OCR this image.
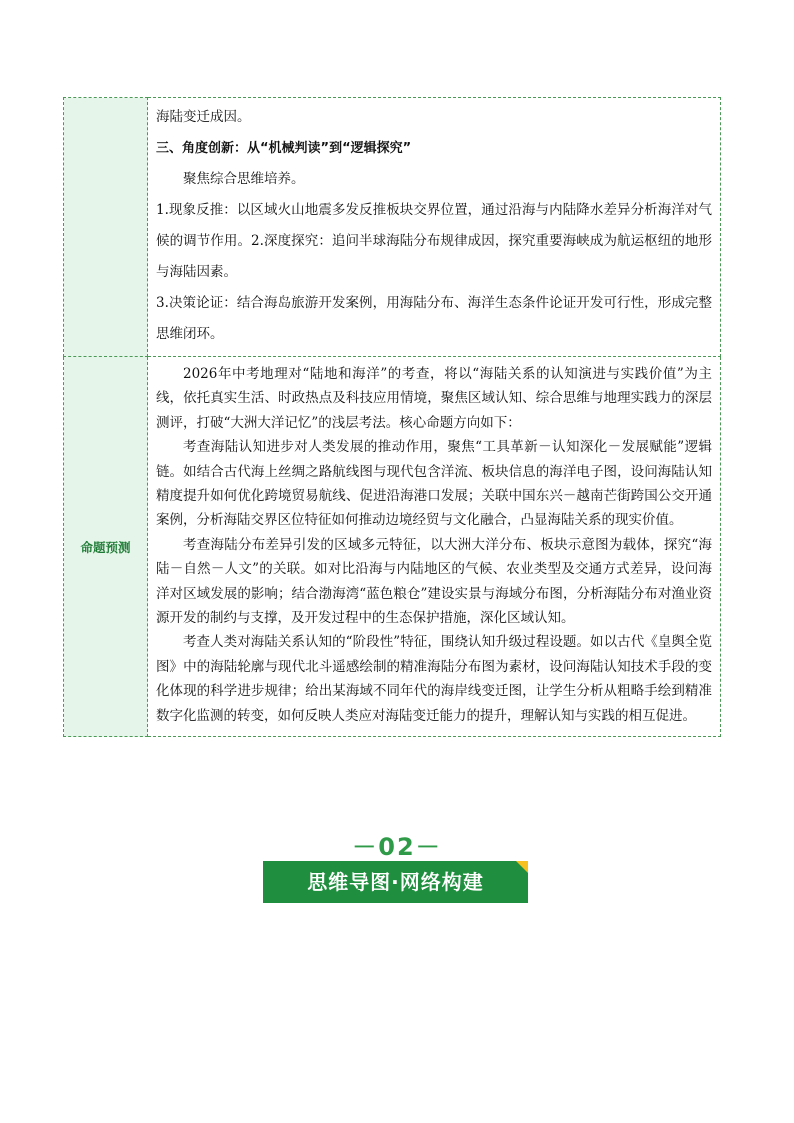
	海陆变迁成因。

三、角度创新：从“机械判读”到“逻辑探究”

聚焦综合思维培养。

1.现象反推：以区域火山地震多发反推板块交界位置，通过沿海与内陆降水差异分析海洋对气候的调节作用。2.深度探究：追问半球海陆分布规律成因，探究重要海峡成为航运枢纽的地形与海陆因素。

3.决策论证：结合海岛旅游开发案例，用海陆分布、海洋生态条件论证开发可行性，形成完整思维闭环。

命题预测	2026年中考地理对“陆地和海洋”的考查，将以“海陆关系的认知演进与实践价值”为主线，依托真实生活、时政热点及科技应用情境，聚焦区域认知、综合思维与地理实践力的深层测评，打破“大洲大洋记忆”的浅层考法。核心命题方向如下：

考查海陆认知进步对人类发展的推动作用，聚焦“工具革新－认知深化－发展赋能”逻辑链。如结合古代海上丝绸之路航线图与现代包含洋流、板块信息的海洋电子图，设问海陆认知精度提升如何优化跨境贸易航线、促进沿海港口发展；关联中国东兴－越南芒街跨国公交开通案例，分析海陆交界区位特征如何推动边境经贸与文化融合，凸显海陆关系的现实价值。

考查海陆分布差异引发的区域多元特征，以大洲大洋分布、板块示意图为载体，探究“海陆－自然－人文”的关联。如对比沿海与内陆地区的气候、农业类型及交通方式差异，设问海洋对区域发展的影响；结合渤海湾“蓝色粮仓”建设实景与海域分布图，分析海陆分布对渔业资源开发的制约与支撑，及开发过程中的生态保护措施，深化区域认知。

考查人类对海陆关系认知的“阶段性”特征，围绕认知升级过程设题。如以古代《皇舆全览图》中的海陆轮廓与现代北斗遥感绘制的精准海陆分布图为素材，设问海陆认知技术手段的变化体现的科学进步规律；给出某海域不同年代的海岸线变迁图，让学生分析从粗略手绘到精准数字化监测的转变，如何反映人类应对海陆变迁能力的提升，理解认知与实践的相互促进。

－02－
思维导图·网络构建
